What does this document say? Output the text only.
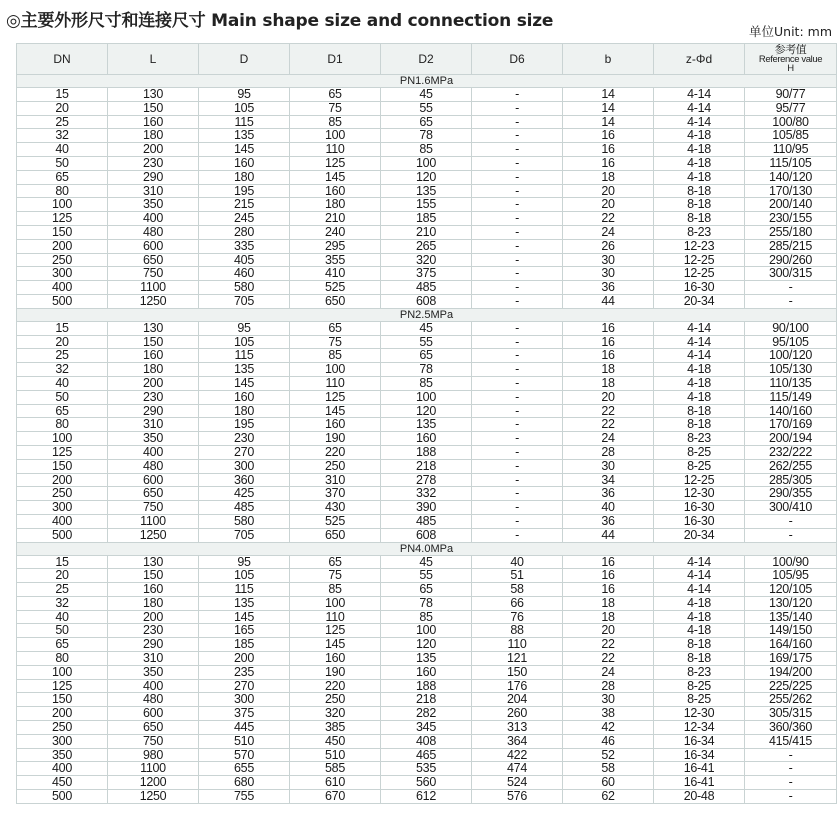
◎主要外形尺寸和连接尺寸 Main shape size and connection size
单位Unit: mm
DN	L	D	D1	D2	D6	b	z-Φd	参考值
Reference value
H

PN1.6MPa								
15	130	95	65	45	-	14	4-14	90/77
20	150	105	75	55	-	14	4-14	95/77
25	160	115	85	65	-	14	4-14	100/80
32	180	135	100	78	-	16	4-18	105/85
40	200	145	110	85	-	16	4-18	110/95
50	230	160	125	100	-	16	4-18	115/105
65	290	180	145	120	-	18	4-18	140/120
80	310	195	160	135	-	20	8-18	170/130
100	350	215	180	155	-	20	8-18	200/140
125	400	245	210	185	-	22	8-18	230/155
150	480	280	240	210	-	24	8-23	255/180
200	600	335	295	265	-	26	12-23	285/215
250	650	405	355	320	-	30	12-25	290/260
300	750	460	410	375	-	30	12-25	300/315
400	1100	580	525	485	-	36	16-30	-
500	1250	705	650	608	-	44	20-34	-
PN2.5MPa								
15	130	95	65	45	-	16	4-14	90/100
20	150	105	75	55	-	16	4-14	95/105
25	160	115	85	65	-	16	4-14	100/120
32	180	135	100	78	-	18	4-18	105/130
40	200	145	110	85	-	18	4-18	110/135
50	230	160	125	100	-	20	4-18	115/149
65	290	180	145	120	-	22	8-18	140/160
80	310	195	160	135	-	22	8-18	170/169
100	350	230	190	160	-	24	8-23	200/194
125	400	270	220	188	-	28	8-25	232/222
150	480	300	250	218	-	30	8-25	262/255
200	600	360	310	278	-	34	12-25	285/305
250	650	425	370	332	-	36	12-30	290/355
300	750	485	430	390	-	40	16-30	300/410
400	1100	580	525	485	-	36	16-30	-
500	1250	705	650	608	-	44	20-34	-
PN4.0MPa								
15	130	95	65	45	40	16	4-14	100/90
20	150	105	75	55	51	16	4-14	105/95
25	160	115	85	65	58	16	4-14	120/105
32	180	135	100	78	66	18	4-18	130/120
40	200	145	110	85	76	18	4-18	135/140
50	230	165	125	100	88	20	4-18	149/150
65	290	185	145	120	110	22	8-18	164/160
80	310	200	160	135	121	22	8-18	169/175
100	350	235	190	160	150	24	8-23	194/200
125	400	270	220	188	176	28	8-25	225/225
150	480	300	250	218	204	30	8-25	255/262
200	600	375	320	282	260	38	12-30	305/315
250	650	445	385	345	313	42	12-34	360/360
300	750	510	450	408	364	46	16-34	415/415
350	980	570	510	465	422	52	16-34	-
400	1100	655	585	535	474	58	16-41	-
450	1200	680	610	560	524	60	16-41	-
500	1250	755	670	612	576	62	20-48	-
